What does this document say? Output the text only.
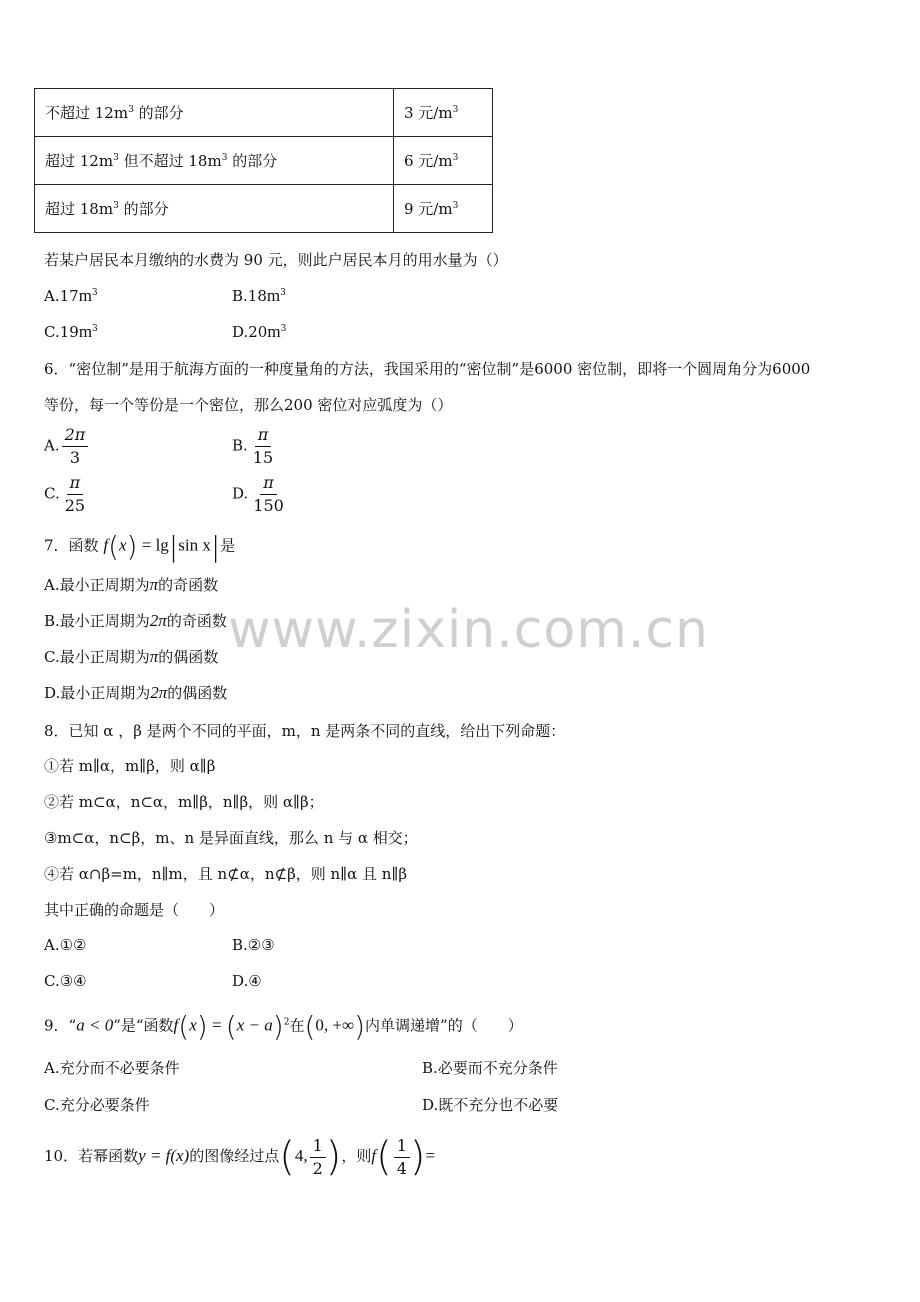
不超过 $12m^3$ 的部分	3 元$/m^3$
超过 $12m^3$ 但不超过 $18m^3$ 的部分	6 元$/m^3$
超过 $18m^3$ 的部分	9 元$/m^3$
若某户居民本月缴纳的水费为 90 元，则此户居民本月的用水量为（）
$A.17m^3$	$B.18m^3$
$C.19m^3$	$D.20m^3$
6．“密位制”是用于航海方面的一种度量角的方法，我国采用的“密位制”是6000 密位制，即将一个圆周角分为6000
等份，每一个等份是一个密位，那么200 密位对应弧度为（）
A. $\frac{2\pi}{3}$	B. $\frac{\pi}{15}$
C. $\frac{\pi}{25}$	D. $\frac{\pi}{150}$
7．函数 f(x) = lg|sin x|是
A.最小正周期为π的奇函数
B.最小正周期为2π的奇函数
C.最小正周期为π的偶函数
D.最小正周期为2π的偶函数
8．已知 α ，β 是两个不同的平面，m，n 是两条不同的直线，给出下列命题：
①若 m∥α，m∥β，则 α∥β
②若 m⊂α，n⊂α，m∥β，n∥β，则 α∥β；
③m⊂α，n⊂β，m、n 是异面直线，那么 n 与 α 相交；
④若 α∩β=m，n∥m，且 n⊄α，n⊄β，则 n∥α 且 n∥β
其中正确的命题是（　　）
A.①②	B.②③
C.③④	D.④
9．“a < 0”是“函数$f(x) = (x - a)^2$在(0, +∞)内单调递增”的（　　）
A.充分而不必要条件	B.必要而不充分条件
C.充分必要条件	D.既不充分也不必要
10．若幂函数y = f(x)的图像经过点(4, $\frac{1}{2}$ )，则$f( \frac{1}{4}$ )=
www.zixin.com.cn
